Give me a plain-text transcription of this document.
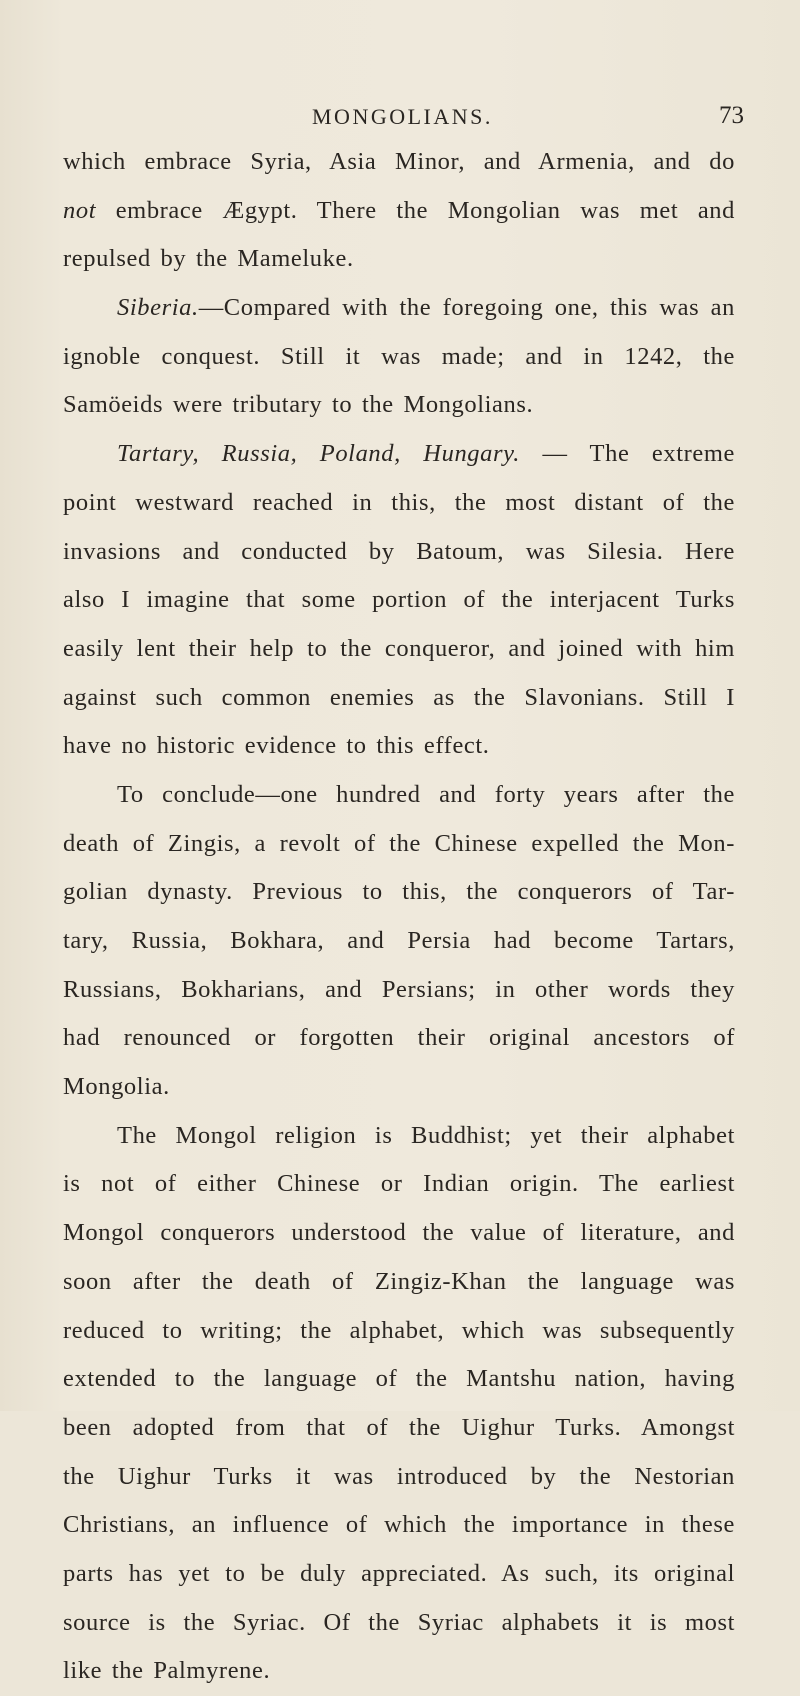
MONGOLIANS.	73
which embrace Syria, Asia Minor, and Armenia, and do
not embrace Ægypt. There the Mongolian was met and
repulsed by the Mameluke.
Siberia.—Compared with the foregoing one, this was an
ignoble conquest. Still it was made; and in 1242, the
Samöeids were tributary to the Mongolians.
Tartary, Russia, Poland, Hungary. — The extreme
point westward reached in this, the most distant of the
invasions and conducted by Batoum, was Silesia. Here
also I imagine that some portion of the interjacent Turks
easily lent their help to the conqueror, and joined with him
against such common enemies as the Slavonians. Still I
have no historic evidence to this effect.
To conclude—one hundred and forty years after the
death of Zingis, a revolt of the Chinese expelled the Mon-
golian dynasty. Previous to this, the conquerors of Tar-
tary, Russia, Bokhara, and Persia had become Tartars,
Russians, Bokharians, and Persians; in other words they
had renounced or forgotten their original ancestors of
Mongolia.
The Mongol religion is Buddhist; yet their alphabet
is not of either Chinese or Indian origin. The earliest
Mongol conquerors understood the value of literature, and
soon after the death of Zingiz-Khan the language was
reduced to writing; the alphabet, which was subsequently
extended to the language of the Mantshu nation, having
been adopted from that of the Uighur Turks. Amongst
the Uighur Turks it was introduced by the Nestorian
Christians, an influence of which the importance in these
parts has yet to be duly appreciated. As such, its original
source is the Syriac. Of the Syriac alphabets it is most
like the Palmyrene.
